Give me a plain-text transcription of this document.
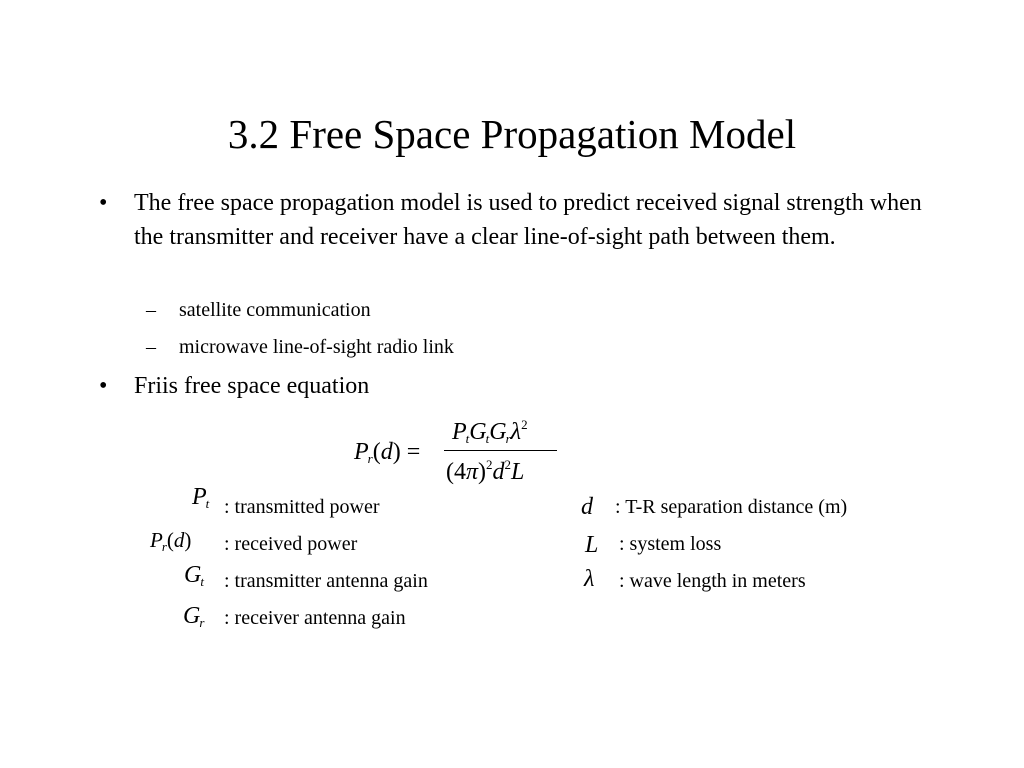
3.2 Free Space Propagation Model
• The free space propagation model is used to predict received signal strength when the transmitter and receiver have a clear line-of-sight path between them.
– satellite communication
– microwave line-of-sight radio link
• Friis free space equation
$P_r(d)$ =
$P_tG_tG_r\lambda^2$
$(4\pi)^2d^2L$
$P_t$ : transmitted power
$P_r(d)$ : received power
$G_t$ : transmitter antenna gain
$G_r$ : receiver antenna gain
d : T-R separation distance (m)
L : system loss
λ : wave length in meters
